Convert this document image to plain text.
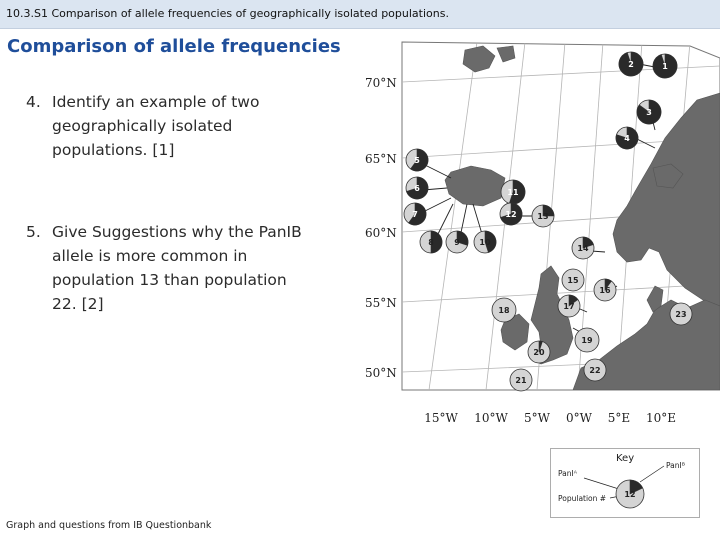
10.3.S1 Comparison of allele frequencies of geographically isolated populations.
Comparison of allele frequencies
4. Identify an example of two
geographically isolated
populations. [1]
5. Give Suggestions why the PanIB
allele is more common in
population 13 than population
22. [2]
Graph and questions from IB Questionbank
70°N
65°N
60°N
55°N
50°N
15°W 10°W 5°W 0°W 5°E 10°E
1
2
3
4
5
6
7
8	9 10
11
12	13
14
15
16
17
18
19
20
21
22
23
Key
PanIᴬ
PanIᴮ
Population # 12
